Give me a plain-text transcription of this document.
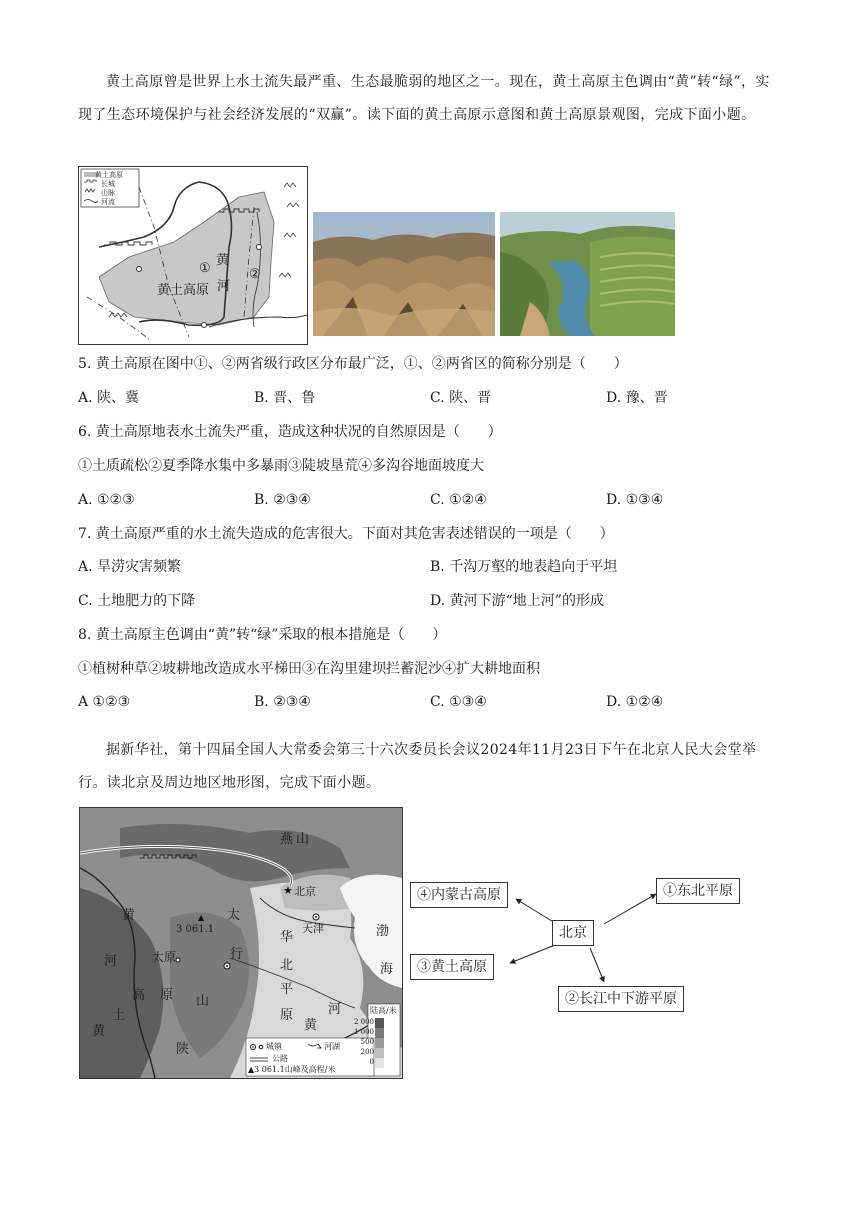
黄土高原曾是世界上水土流失最严重、生态最脆弱的地区之一。现在，黄土高原主色调由“黄”转“绿”，实现了生态环境保护与社会经济发展的“双赢”。读下面的黄土高原示意图和黄土高原景观图，完成下面小题。
黄土高原
长城
山脉
河流
黄土高原
黄
河
①	②
5. 黄土高原在图中①、②两省级行政区分布最广泛，①、②两省区的简称分别是（　　）
A. 陕、冀	B. 晋、鲁	C. 陕、晋	D. 豫、晋
6. 黄土高原地表水土流失严重，造成这种状况的自然原因是（　　）
①土质疏松②夏季降水集中多暴雨③陡坡垦荒④多沟谷地面坡度大
A. ①②③	B. ②③④	C. ①②④	D. ①③④
7. 黄土高原严重的水土流失造成的危害很大。下面对其危害表述错误的一项是（　　）
A. 旱涝灾害频繁	B. 千沟万壑的地表趋向于平坦
C. 土地肥力的下降	D. 黄河下游“地上河”的形成
8. 黄土高原主色调由“黄”转“绿”采取的根本措施是（　　）
①植树种草②坡耕地改造成水平梯田③在沟里建坝拦蓄泥沙④扩大耕地面积
A ①②③	B. ②③④	C. ①③④	D. ①②④
据新华社，第十四届全国人大常委会第三十六次委员长会议2024年11月23日下午在北京人民大会堂举行。读北京及周边地区地形图，完成下面小题。
★
▲
燕 山
北京
天津	渤
海
太
行
华
北
平
原
黄
河	太原
3 061.1
黄
土
高 原 山
陕
河
黄
陆高/米
2 000
1 000
500
200
0
城镇	河湖
公路
▲3 061.1山峰及高程/米
北京
④内蒙古高原	①东北平原
③黄土高原
②长江中下游平原
